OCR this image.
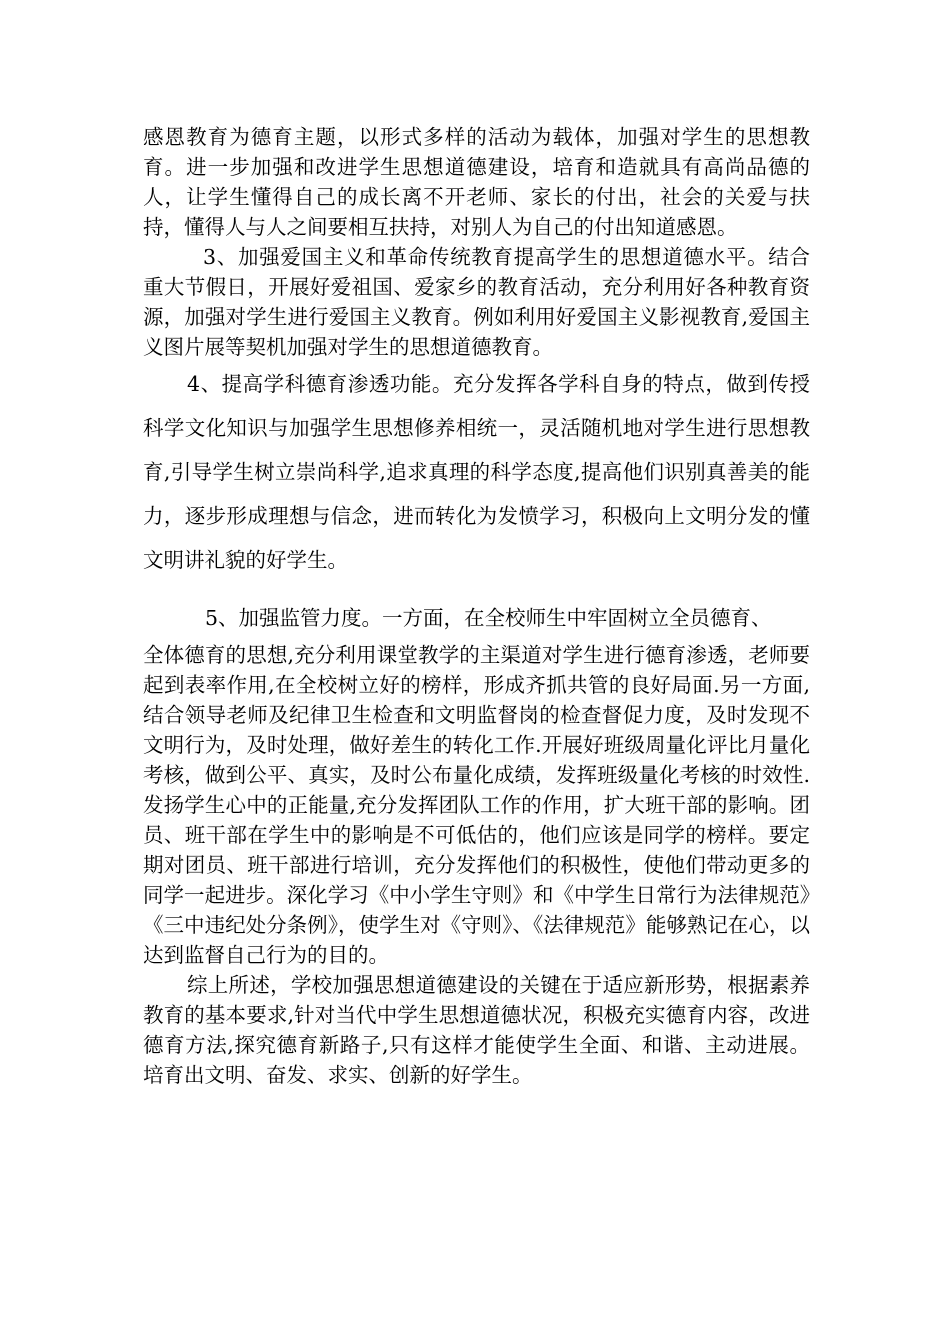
感恩教育为德育主题，以形式多样的活动为载体，加强对学生的思想教育。进一步加强和改进学生思想道德建设，培育和造就具有高尚品德的人，让学生懂得自己的成长离不开老师、家长的付出，社会的关爱与扶持，懂得人与人之间要相互扶持，对别人为自己的付出知道感恩。

3、加强爱国主义和革命传统教育提高学生的思想道德水平。结合重大节假日，开展好爱祖国、爱家乡的教育活动，充分利用好各种教育资源，加强对学生进行爱国主义教育。例如利用好爱国主义影视教育,爱国主义图片展等契机加强对学生的思想道德教育。

4、提高学科德育渗透功能。充分发挥各学科自身的特点，做到传授科学文化知识与加强学生思想修养相统一，灵活随机地对学生进行思想教育,引导学生树立崇尚科学,追求真理的科学态度,提高他们识别真善美的能力，逐步形成理想与信念，进而转化为发愤学习，积极向上文明分发的懂文明讲礼貌的好学生。

5、加强监管力度。一方面，在全校师生中牢固树立全员德育、
全体德育的思想,充分利用课堂教学的主渠道对学生进行德育渗透，老师要起到表率作用,在全校树立好的榜样，形成齐抓共管的良好局面.另一方面,结合领导老师及纪律卫生检查和文明监督岗的检查督促力度，及时发现不文明行为，及时处理，做好差生的转化工作.开展好班级周量化评比月量化考核，做到公平、真实，及时公布量化成绩，发挥班级量化考核的时效性.发扬学生心中的正能量,充分发挥团队工作的作用，扩大班干部的影响。团员、班干部在学生中的影响是不可低估的，他们应该是同学的榜样。要定期对团员、班干部进行培训，充分发挥他们的积极性，使他们带动更多的同学一起进步。深化学习《中小学生守则》和《中学生日常行为法律规范》《三中违纪处分条例》，使学生对《守则》、《法律规范》能够熟记在心，以达到监督自己行为的目的。

综上所述，学校加强思想道德建设的关键在于适应新形势，根据素养教育的基本要求,针对当代中学生思想道德状况，积极充实德育内容，改进德育方法,探究德育新路子,只有这样才能使学生全面、和谐、主动进展。培育出文明、奋发、求实、创新的好学生。
